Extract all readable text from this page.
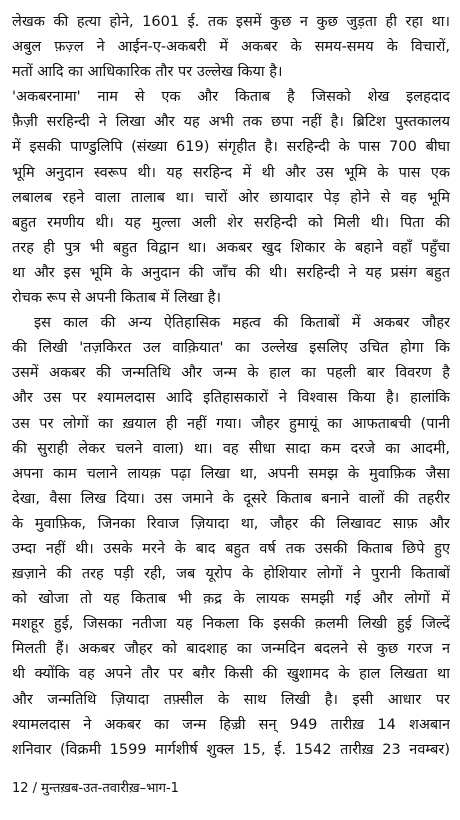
लेखक की हत्या होने, 1601 ई. तक इसमें कुछ न कुछ जुड़ता ही रहा था।
अबुल फ़ज़्ल ने आईन-ए-अकबरी में अकबर के समय-समय के विचारों,
मतों आदि का आधिकारिक तौर पर उल्लेख किया है।
'अकबरनामा' नाम से एक और किताब है जिसको शेख इलहदाद
फ़ैज़ी सरहिन्दी ने लिखा और यह अभी तक छपा नहीं है। ब्रिटिश पुस्तकालय
में इसकी पाण्डुलिपि (संख्या 619) संगृहीत है। सरहिन्दी के पास 700 बीघा
भूमि अनुदान स्वरूप थी। यह सरहिन्द में थी और उस भूमि के पास एक
लबालब रहने वाला तालाब था। चारों ओर छायादार पेड़ होने से वह भूमि
बहुत रमणीय थी। यह मुल्ला अली शेर सरहिन्दी को मिली थी। पिता की
तरह ही पुत्र भी बहुत विद्वान था। अकबर खुद शिकार के बहाने वहाँ पहुँचा
था और इस भूमि के अनुदान की जाँच की थी। सरहिन्दी ने यह प्रसंग बहुत
रोचक रूप से अपनी किताब में लिखा है।
इस काल की अन्य ऐतिहासिक महत्व की किताबों में अकबर जौहर
की लिखी 'तज़किरत उल वाक़ियात' का उल्लेख इसलिए उचित होगा कि
उसमें अकबर की जन्मतिथि और जन्म के हाल का पहली बार विवरण है
और उस पर श्यामलदास आदि इतिहासकारों ने विश्वास किया है। हालांकि
उस पर लोगों का ख़याल ही नहीं गया। जौहर हुमायूं का आफताबची (पानी
की सुराही लेकर चलने वाला) था। वह सीधा सादा कम दरजे का आदमी,
अपना काम चलाने लायक़ पढ़ा लिखा था, अपनी समझ के मुवाफ़िक जैसा
देखा, वैसा लिख दिया। उस जमाने के दूसरे किताब बनाने वालों की तहरीर
के मुवाफ़िक, जिनका रिवाज ज़ियादा था, जौहर की लिखावट साफ़ और
उम्दा नहीं थी। उसके मरने के बाद बहुत वर्ष तक उसकी किताब छिपे हुए
ख़ज़ाने की तरह पड़ी रही, जब यूरोप के होशियार लोगों ने पुरानी किताबों
को खोजा तो यह किताब भी क़द्र के लायक समझी गई और लोगों में
मशहूर हुई, जिसका नतीजा यह निकला कि इसकी क़लमी लिखी हुई जिल्दें
मिलती हैं। अकबर जौहर को बादशाह का जन्मदिन बदलने से कुछ गरज न
थी क्योंकि वह अपने तौर पर बग़ैर किसी की खुशामद के हाल लिखता था
और जन्मतिथि ज़ियादा तफ़्सील के साथ लिखी है। इसी आधार पर
श्यामलदास ने अकबर का जन्म हिज़्री सन् 949 तारीख़ 14 शअबान
शनिवार (विक्रमी 1599 मार्गशीर्ष शुक्ल 15, ई. 1542 तारीख़ 23 नवम्बर)
12 / मुन्तख़ब-उत-तवारीख़–भाग-1
